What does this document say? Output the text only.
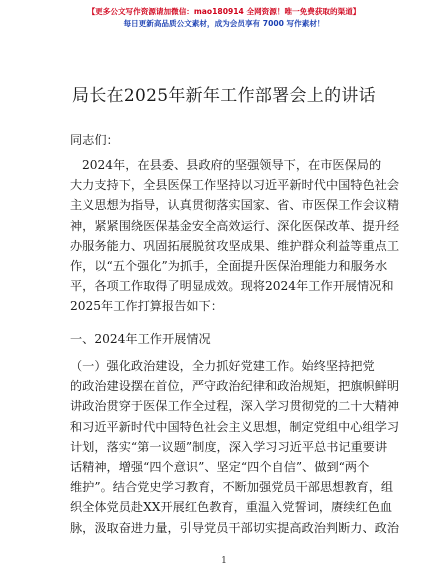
【更多公文写作资源请加微信：mao180914 全网资源！唯一免费获取的渠道】
每日更新高品质公文素材，成为会员享有 7000 写作素材！
局长在2025年新年工作部署会上的讲话
同志们：
2024年，在县委、县政府的坚强领导下，在市医保局的
大力支持下，全县医保工作坚持以习近平新时代中国特色社会
主义思想为指导，认真贯彻落实国家、省、市医保工作会议精
神，紧紧围绕医保基金安全高效运行、深化医保改革、提升经
办服务能力、巩固拓展脱贫攻坚成果、维护群众利益等重点工
作，以“五个强化”为抓手，全面提升医保治理能力和服务水
平，各项工作取得了明显成效。现将2024年工作开展情况和
2025年工作打算报告如下：
一、2024年工作开展情况
（一）强化政治建设，全力抓好党建工作。始终坚持把党
的政治建设摆在首位，严守政治纪律和政治规矩，把旗帜鲜明
讲政治贯穿于医保工作全过程，深入学习贯彻党的二十大精神
和习近平新时代中国特色社会主义思想，制定党组中心组学习
计划，落实“第一议题”制度，深入学习习近平总书记重要讲
话精神，增强“四个意识”、坚定“四个自信”、做到“两个
维护”。结合党史学习教育，不断加强党员干部思想教育，组
织全体党员赴XX开展红色教育，重温入党誓词，赓续红色血
脉，汲取奋进力量，引导党员干部切实提高政治判断力、政治
1
